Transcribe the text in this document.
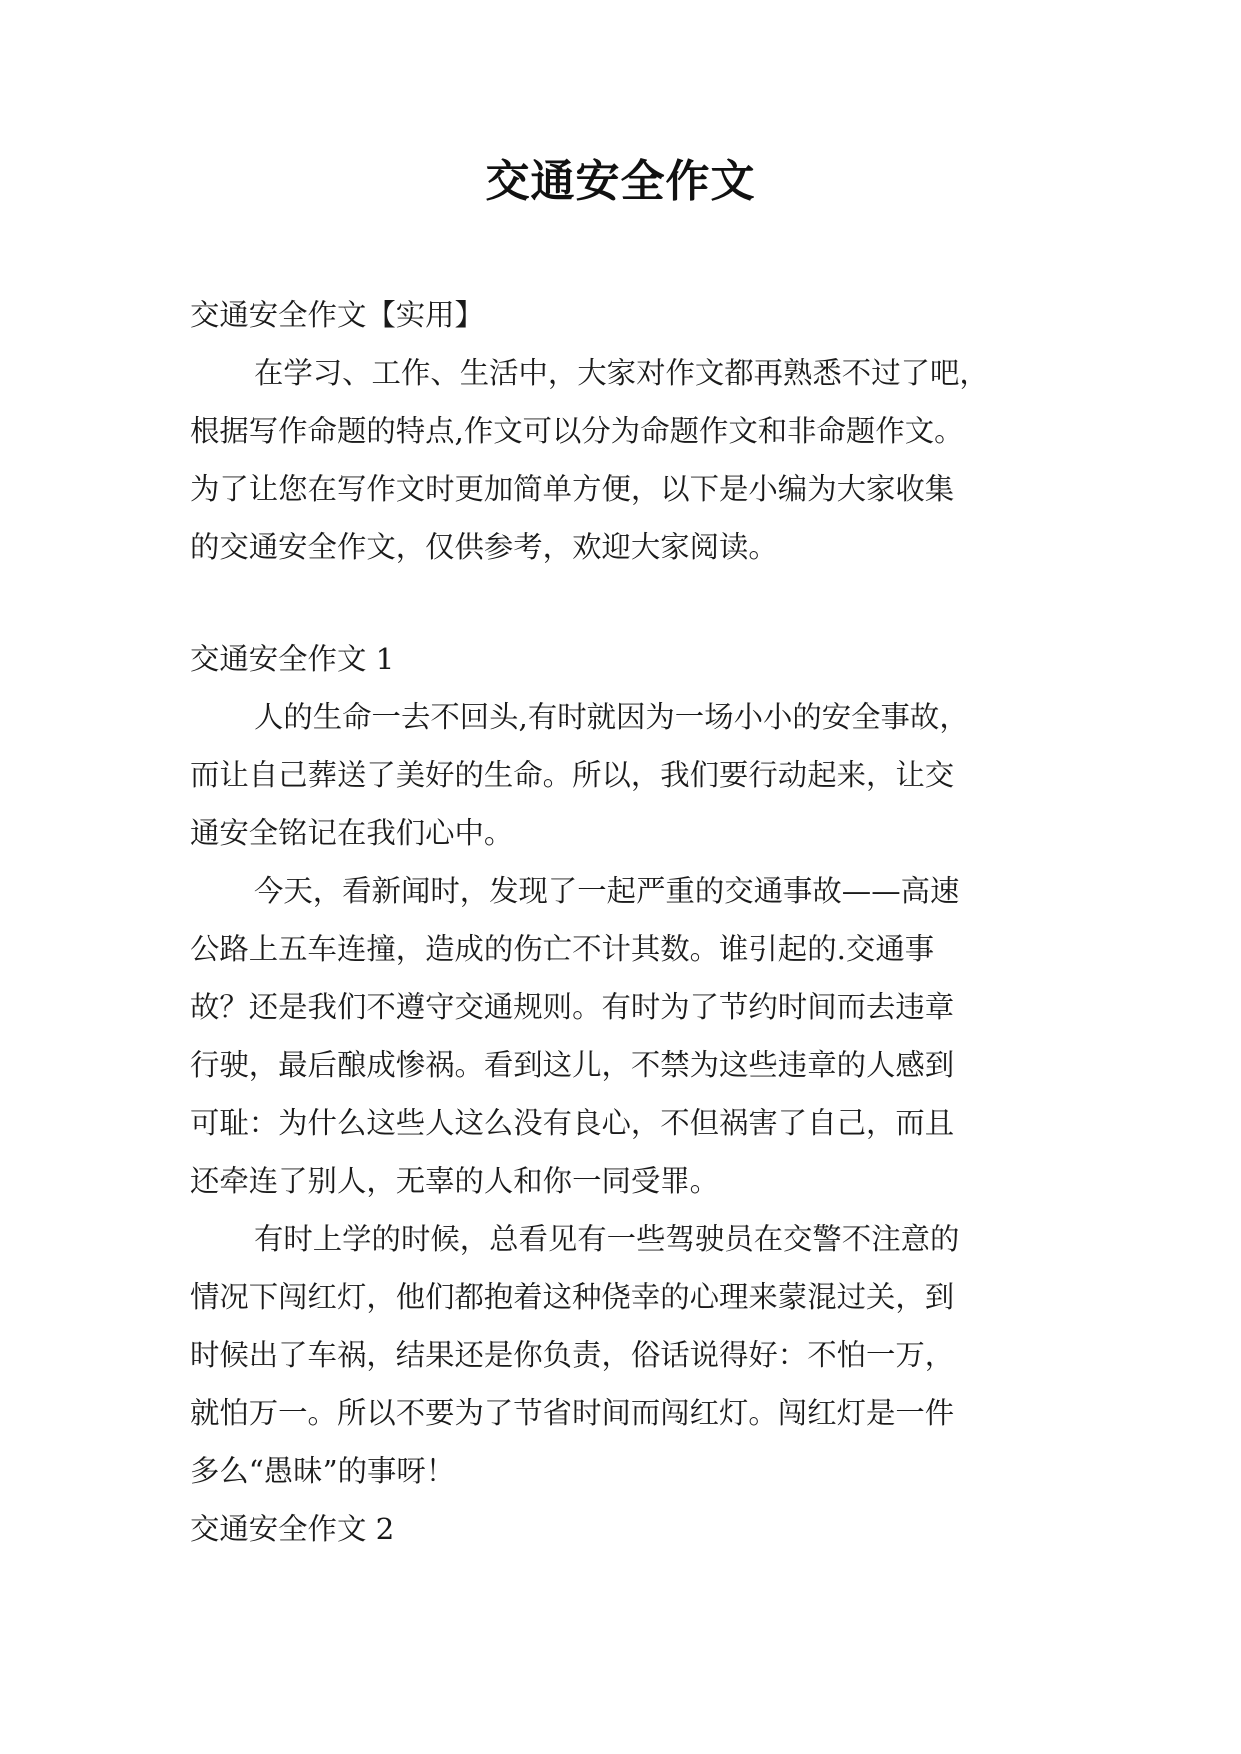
交通安全作文
交通安全作文【实用】
在学习、工作、生活中，大家对作文都再熟悉不过了吧，
根据写作命题的特点,作文可以分为命题作文和非命题作文。
为了让您在写作文时更加简单方便，以下是小编为大家收集
的交通安全作文，仅供参考，欢迎大家阅读。
交通安全作文 1
人的生命一去不回头,有时就因为一场小小的安全事故，
而让自己葬送了美好的生命。所以，我们要行动起来，让交
通安全铭记在我们心中。
今天，看新闻时，发现了一起严重的交通事故——高速
公路上五车连撞，造成的伤亡不计其数。谁引起的.交通事
故？还是我们不遵守交通规则。有时为了节约时间而去违章
行驶，最后酿成惨祸。看到这儿，不禁为这些违章的人感到
可耻：为什么这些人这么没有良心，不但祸害了自己，而且
还牵连了别人，无辜的人和你一同受罪。
有时上学的时候，总看见有一些驾驶员在交警不注意的
情况下闯红灯，他们都抱着这种侥幸的心理来蒙混过关，到
时候出了车祸，结果还是你负责，俗话说得好：不怕一万，
就怕万一。所以不要为了节省时间而闯红灯。闯红灯是一件
多么“愚昧”的事呀！
交通安全作文 2
